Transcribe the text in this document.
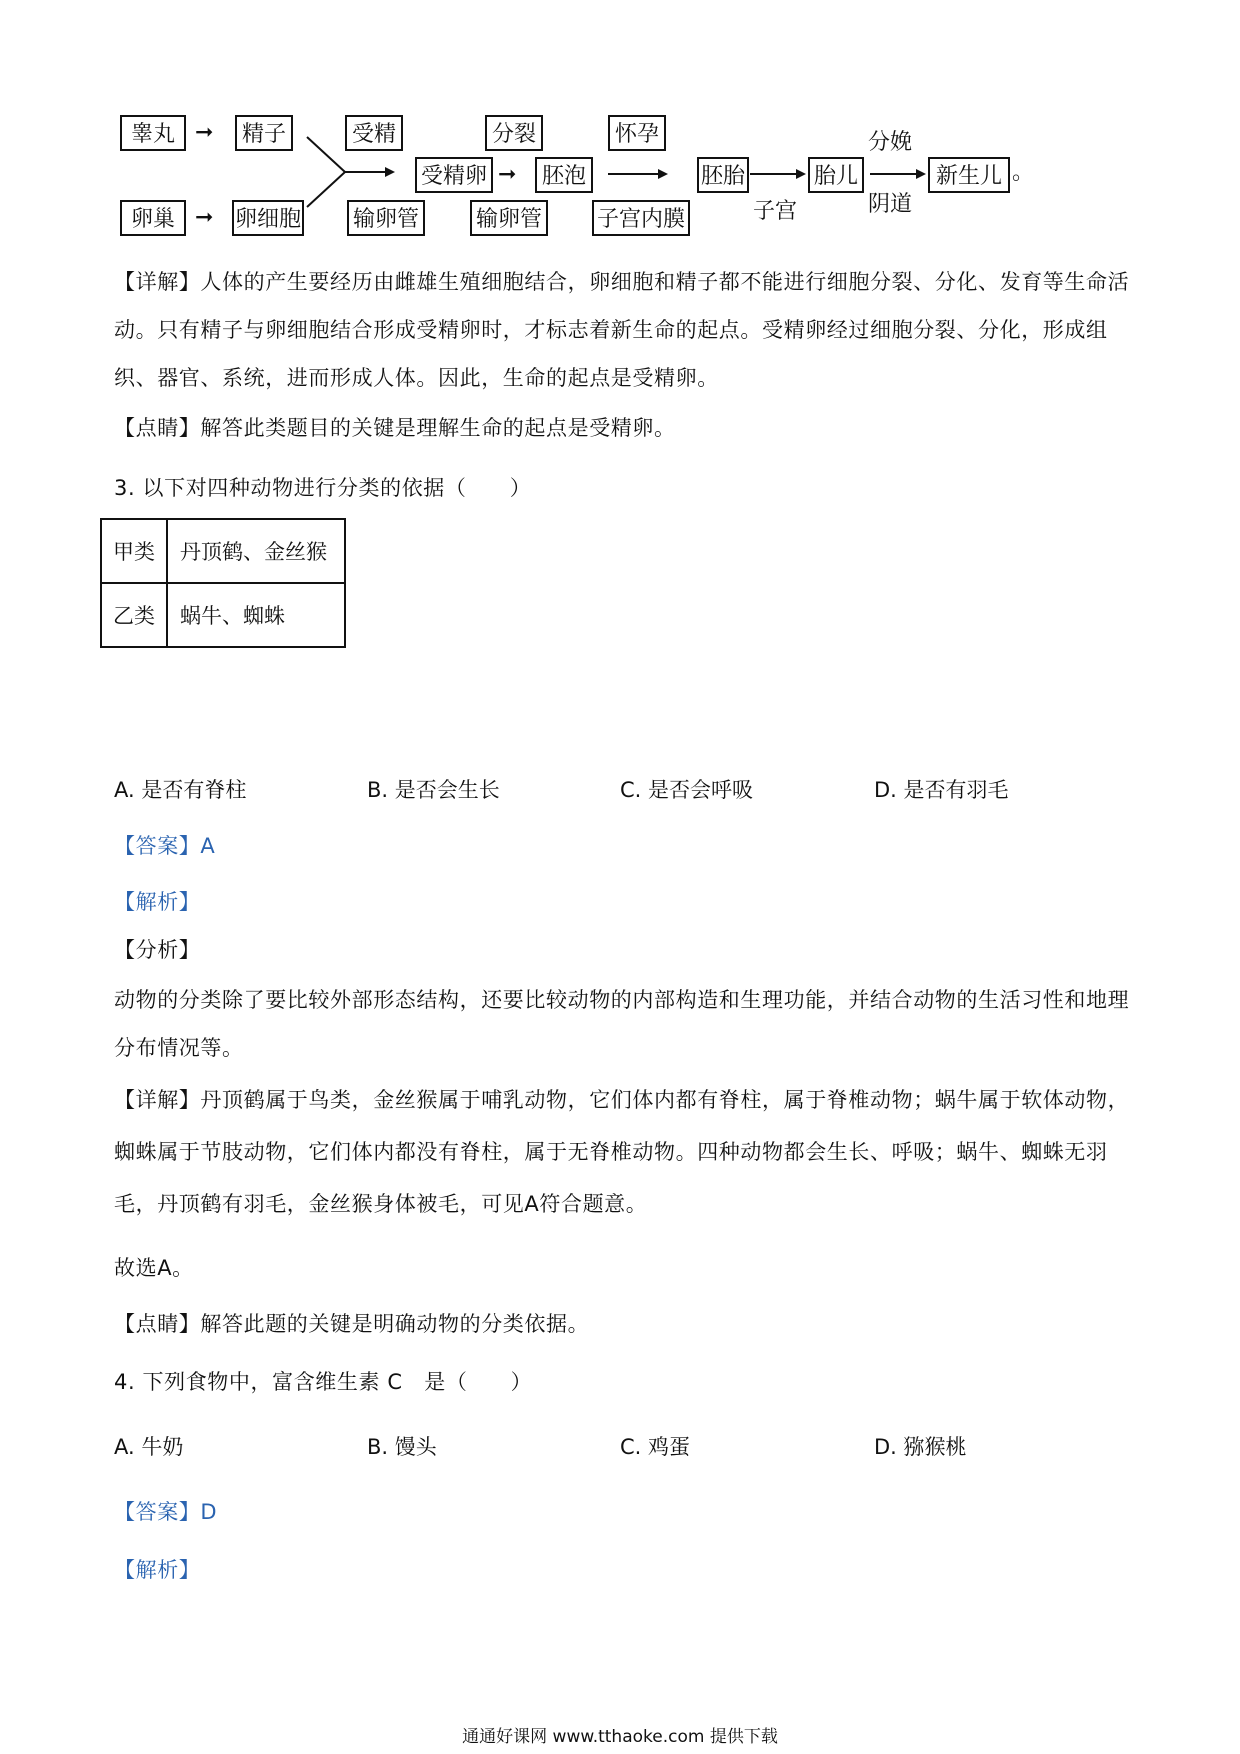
睾丸 ➞	精子
卵巢 ➞ 卵细胞
受精
输卵管
受精卵 ➞	胚泡
分裂
输卵管
怀孕
子宫内膜
胚胎
子宫
胎儿
分娩
阴道
新生儿 。
【详解】人体的产生要经历由雌雄生殖细胞结合，卵细胞和精子都不能进行细胞分裂、分化、发育等生命活动。只有精子与卵细胞结合形成受精卵时，才标志着新生命的起点。受精卵经过细胞分裂、分化，形成组织、器官、系统，进而形成人体。因此，生命的起点是受精卵。
【点睛】解答此类题目的关键是理解生命的起点是受精卵。
3. 以下对四种动物进行分类的依据（　　）
甲类	丹顶鹤、金丝猴
乙类	蜗牛、蜘蛛
A. 是否有脊柱	B. 是否会生长	C. 是否会呼吸	D. 是否有羽毛
【答案】A
【解析】
【分析】
动物的分类除了要比较外部形态结构，还要比较动物的内部构造和生理功能，并结合动物的生活习性和地理分布情况等。
【详解】丹顶鹤属于鸟类，金丝猴属于哺乳动物，它们体内都有脊柱，属于脊椎动物；蜗牛属于软体动物，蜘蛛属于节肢动物，它们体内都没有脊柱，属于无脊椎动物。四种动物都会生长、呼吸；蜗牛、蜘蛛无羽毛，丹顶鹤有羽毛，金丝猴身体被毛，可见A符合题意。
故选A。
【点睛】解答此题的关键是明确动物的分类依据。
4. 下列食物中，富含维生素 C　是（　　）
A. 牛奶	B. 馒头	C. 鸡蛋	D. 猕猴桃
【答案】D
【解析】
通通好课网 www.tthaoke.com 提供下载
